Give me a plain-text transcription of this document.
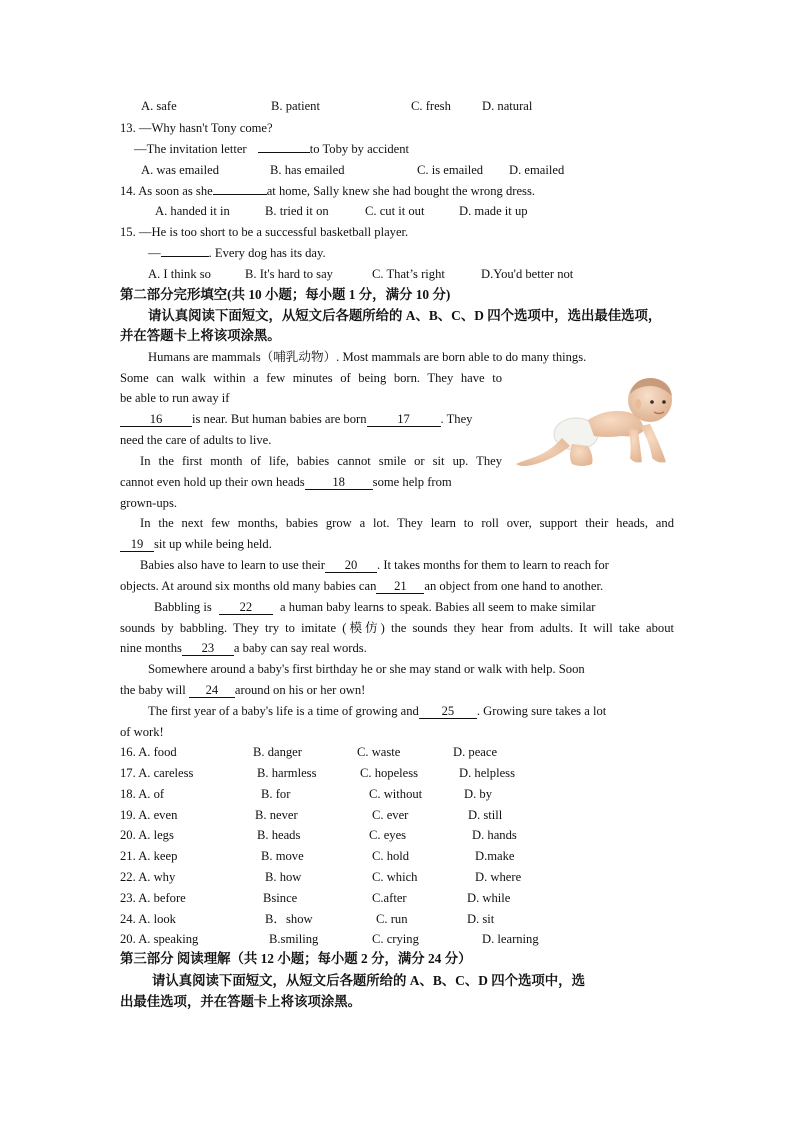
A. safe	B. patient	C. fresh D. natural
13. —Why hasn't Tony come?
—The invitation letter	to Toby by accident
A. was emailed	B. has emailed	C. is emailed D. emailed
14. As soon as she	at home, Sally knew she had bought the wrong dress.
A. handed it in	B. tried it on	C. cut it out	D. made it up
15. —He is too short to be a successful basketball player.
—	. Every dog has its day.
A. I think so	B. It's hard to say	C. That’s right	D.You'd better not
第二部分完形填空(共 10 小题；每小题 1 分，满分 10 分)
请认真阅读下面短文，从短文后各题所给的 A、B、C、D 四个选项中，选出最佳选项，
并在答题卡上将该项涂黑。
Humans are mammals（哺乳动物）. Most mammals are born able to do many things.
Some can walk within a few minutes of being born. They have to
be able to run away if
16 is near. But human babies are born 17 . They
need the care of adults to live.
In the first month of life, babies cannot smile or sit up. They
cannot even hold up their own heads 18 some help from
grown-ups.
In the next few months, babies grow a lot. They learn to roll over, support their heads, and
19 sit up while being held.
Babies also have to learn to use their 20 . It takes months for them to learn to reach for
objects. At around six months old many babies can 21 an object from one hand to another.
Babbling is 22 a human baby learns to speak. Babies all seem to make similar
sounds by babbling. They try to imitate (模仿) the sounds they hear from adults. It will take about
nine months 23 a baby can say real words.
Somewhere around a baby's first birthday he or she may stand or walk with help. Soon
the baby will 24 around on his or her own!
The first year of a baby's life is a time of growing and 25 . Growing sure takes a lot
of work!
16. A. food	B. danger	C. waste	D. peace
17. A. careless	B. harmless	C. hopeless	D. helpless
18. A. of	B. for	C. without	D. by
19. A. even	B. never	C. ever	D. still
20. A. legs	B. heads	C. eyes	D. hands
21. A. keep	B. move	C. hold	D.make
22. A. why	B. how	C. which	D. where
23. A. before	Bsince	C.after	D. while
24. A. look	B．show	C. run	D. sit
20. A. speaking	B.smiling	C. crying	D. learning
第三部分 阅读理解（共 12 小题；每小题 2 分，满分 24 分）
请认真阅读下面短文，从短文后各题所给的 A、B、C、D 四个选项中，选
出最佳选项，并在答题卡上将该项涂黑。
